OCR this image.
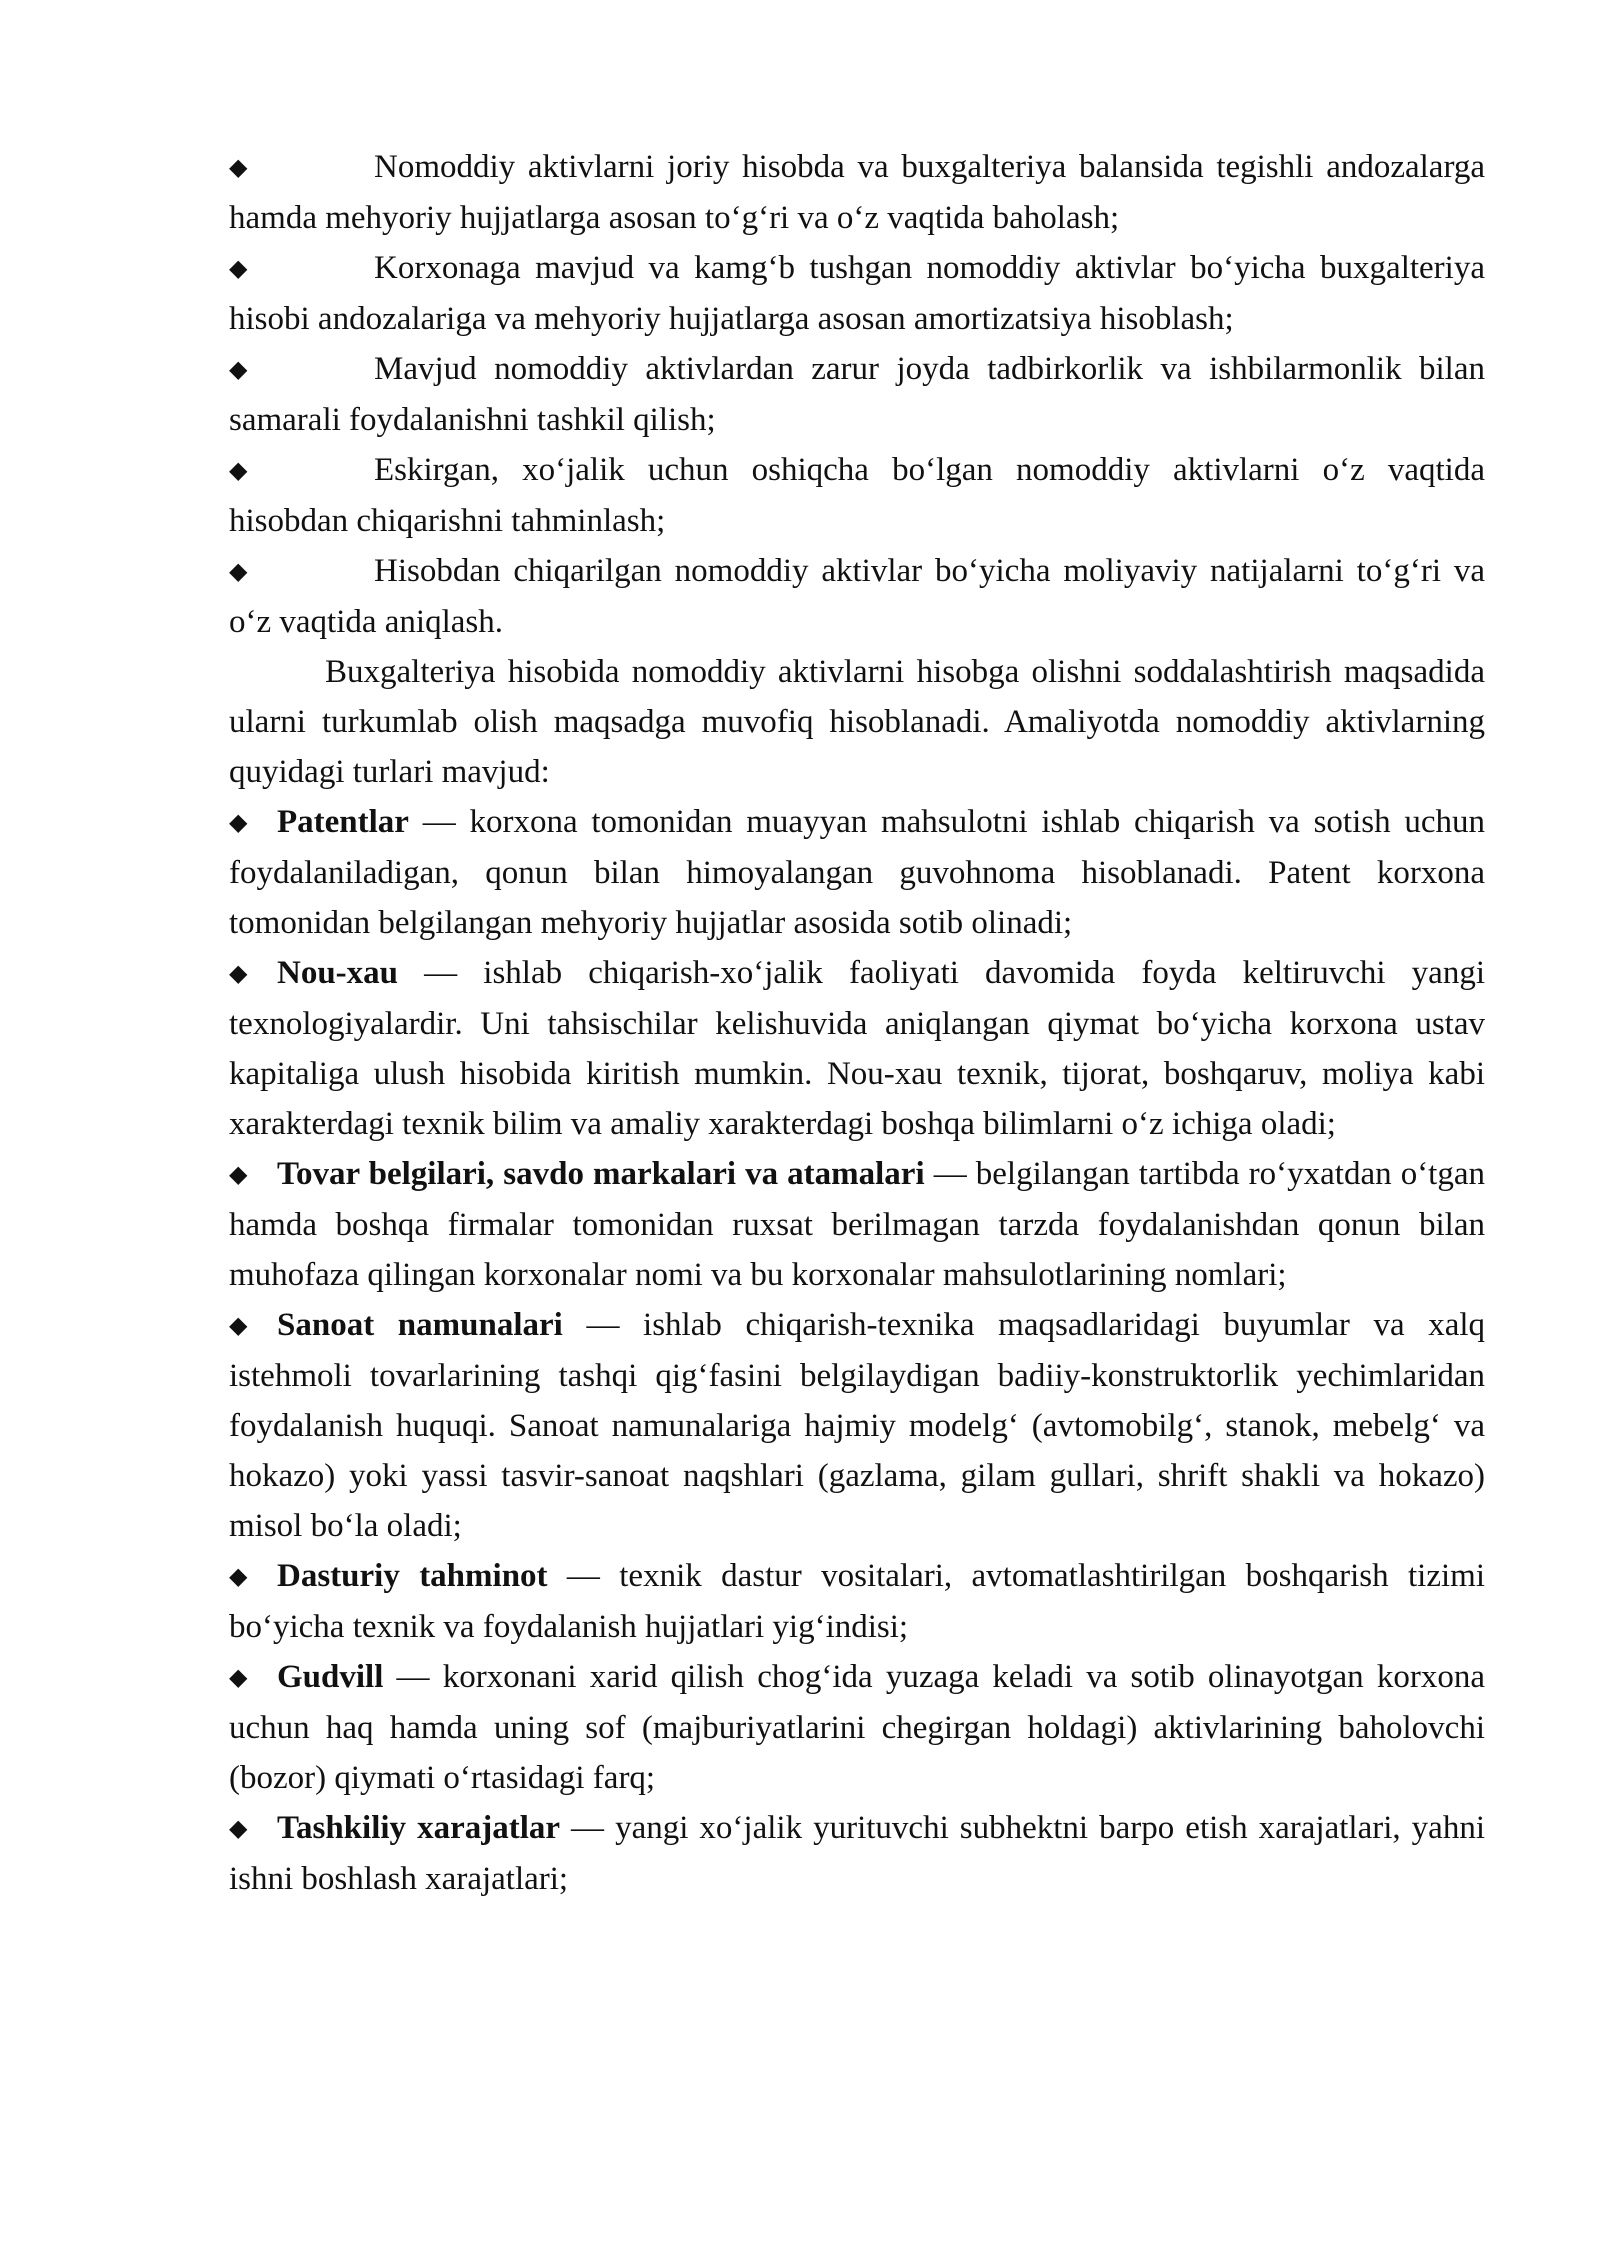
◆	Nomoddiy aktivlarni joriy hisobda va buxgalteriya balansida tegishli andozalarga hamda mehyoriy hujjatlarga asosan to‘g‘ri va o‘z vaqtida baholash;

◆	Korxonaga mavjud va kamg‘b tushgan nomoddiy aktivlar bo‘yicha buxgalteriya hisobi andozalariga va mehyoriy hujjatlarga asosan amortizatsiya hisoblash;

◆	Mavjud nomoddiy aktivlardan zarur joyda tadbirkorlik va ishbilarmonlik bilan samarali foydalanishni tashkil qilish;

◆	Eskirgan, xo‘jalik uchun oshiqcha bo‘lgan nomoddiy aktivlarni o‘z vaqtida hisobdan chiqarishni tahminlash;

◆	Hisobdan chiqarilgan nomoddiy aktivlar bo‘yicha moliyaviy natijalarni to‘g‘ri va o‘z vaqtida aniqlash.

Buxgalteriya hisobida nomoddiy aktivlarni hisobga olishni soddalashtirish maqsadida ularni turkumlab olish maqsadga muvofiq hisoblanadi. Amaliyotda nomoddiy aktivlarning quyidagi turlari mavjud:

◆ Patentlar — korxona tomonidan muayyan mahsulotni ishlab chiqarish va sotish uchun foydalaniladigan, qonun bilan himoyalangan guvohnoma hisoblanadi. Patent korxona tomonidan belgilangan mehyoriy hujjatlar asosida sotib olinadi;

◆ Nou-xau — ishlab chiqarish-xo‘jalik faoliyati davomida foyda keltiruvchi yangi texnologiyalardir. Uni tahsischilar kelishuvida aniqlangan qiymat bo‘yicha korxona ustav kapitaliga ulush hisobida kiritish mumkin. Nou-xau texnik, tijorat, boshqaruv, moliya kabi xarakterdagi texnik bilim va amaliy xarakterdagi boshqa bilimlarni o‘z ichiga oladi;

◆ Tovar belgilari, savdo markalari va atamalari — belgilangan tartibda ro‘yxatdan o‘tgan hamda boshqa firmalar tomonidan ruxsat berilmagan tarzda foydalanishdan qonun bilan muhofaza qilingan korxonalar nomi va bu korxonalar mahsulotlarining nomlari;

◆ Sanoat namunalari — ishlab chiqarish-texnika maqsadlaridagi buyumlar va xalq istehmoli tovarlarining tashqi qig‘fasini belgilaydigan badiiy-konstruktorlik yechimlaridan foydalanish huquqi. Sanoat namunalariga hajmiy modelg‘ (avtomobilg‘, stanok, mebelg‘ va hokazo) yoki yassi tasvir-sanoat naqshlari (gazlama, gilam gullari, shrift shakli va hokazo) misol bo‘la oladi;

◆ Dasturiy tahminot — texnik dastur vositalari, avtomatlashtirilgan boshqarish tizimi bo‘yicha texnik va foydalanish hujjatlari yig‘indisi;

◆ Gudvill — korxonani xarid qilish chog‘ida yuzaga keladi va sotib olinayotgan korxona uchun haq hamda uning sof (majburiyatlarini chegirgan holdagi) aktivlarining baholovchi (bozor) qiymati o‘rtasidagi farq;

◆ Tashkiliy xarajatlar — yangi xo‘jalik yurituvchi subhektni barpo etish xarajatlari, yahni ishni boshlash xarajatlari;
